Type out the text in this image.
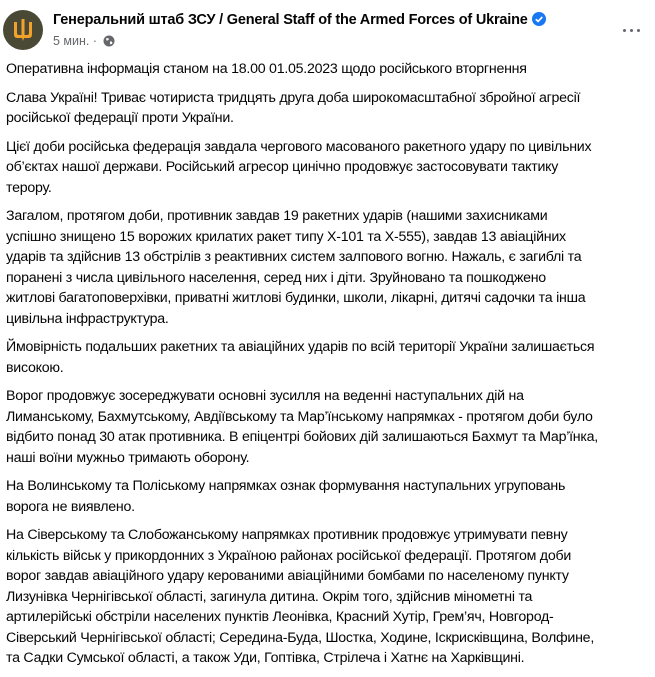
Генеральний штаб ЗСУ / General Staff of the Armed Forces of Ukraine
5 мин. ·
Оперативна інформація станом на 18.00 01.05.2023 щодо російського вторгнення
Слава Україні! Триває чотириста тридцять друга доба широкомасштабної збройної агресії
російської федерації проти України.
Цієї доби російська федерація завдала чергового масованого ракетного удару по цивільних
об’єктах нашої держави. Російський агресор цинічно продовжує застосовувати тактику
терору.
Загалом, протягом доби, противник завдав 19 ракетних ударів (нашими захисниками
успішно знищено 15 ворожих крилатих ракет типу Х-101 та Х-555), завдав 13 авіаційних
ударів та здійснив 13 обстрілів з реактивних систем залпового вогню. Нажаль, є загиблі та
поранені з числа цивільного населення, серед них і діти. Зруйновано та пошкоджено
житлові багатоповерхівки, приватні житлові будинки, школи, лікарні, дитячі садочки та інша
цивільна інфраструктура.
Ймовірність подальших ракетних та авіаційних ударів по всій території України залишається
високою.
Ворог продовжує зосереджувати основні зусилля на веденні наступальних дій на
Лиманському, Бахмутському, Авдіївському та Мар’їнському напрямках - протягом доби було
відбито понад 30 атак противника. В епіцентрі бойових дій залишаються Бахмут та Мар’їнка,
наші воїни мужньо тримають оборону.
На Волинському та Поліському напрямках ознак формування наступальних угруповань
ворога не виявлено.
На Сіверському та Слобожанському напрямках противник продовжує утримувати певну
кількість військ у прикордонних з Україною районах російської федерації. Протягом доби
ворог завдав авіаційного удару керованими авіаційними бомбами по населеному пункту
Лизунівка Чернігівської області, загинула дитина. Окрім того, здійснив мінометні та
артилерійські обстріли населених пунктів Леонівка, Красний Хутір, Грем’яч, Новгород-
Сіверський Чернігівської області; Середина-Буда, Шостка, Ходине, Іскрисківщина, Волфине,
та Садки Сумської області, а також Уди, Гоптівка, Стрілеча і Хатнє на Харківщині.
